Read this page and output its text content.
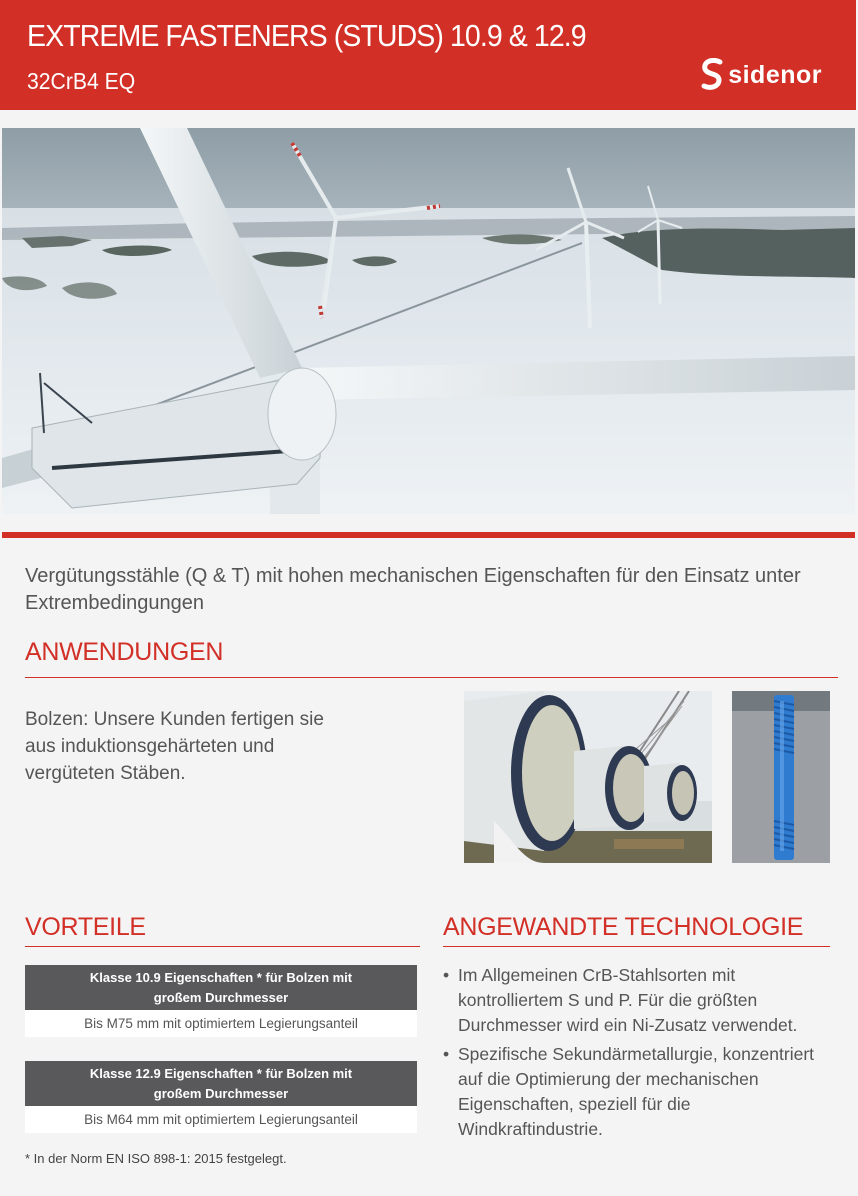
EXTREME FASTENERS (STUDS) 10.9 & 12.9
32CrB4 EQ	sidenor
Vergütungsstähle (Q & T) mit hohen mechanischen Eigenschaften für den Einsatz unter Extrembedingungen
ANWENDUNGEN
Bolzen: Unsere Kunden fertigen sie aus induktionsgehärteten und vergüteten Stäben.
VORTEILE
Klasse 10.9 Eigenschaften * für Bolzen mit großem Durchmesser
Bis M75 mm mit optimiertem Legierungsanteil
Klasse 12.9 Eigenschaften * für Bolzen mit großem Durchmesser
Bis M64 mm mit optimiertem Legierungsanteil
* In der Norm EN ISO 898-1: 2015 festgelegt.
ANGEWANDTE TECHNOLOGIE
• Im Allgemeinen CrB-Stahlsorten mit kontrolliertem S und P. Für die größten Durchmesser wird ein Ni-Zusatz verwendet.
• Spezifische Sekundärmetallurgie, konzentriert auf die Optimierung der mechanischen Eigenschaften, speziell für die Windkraftindustrie.
